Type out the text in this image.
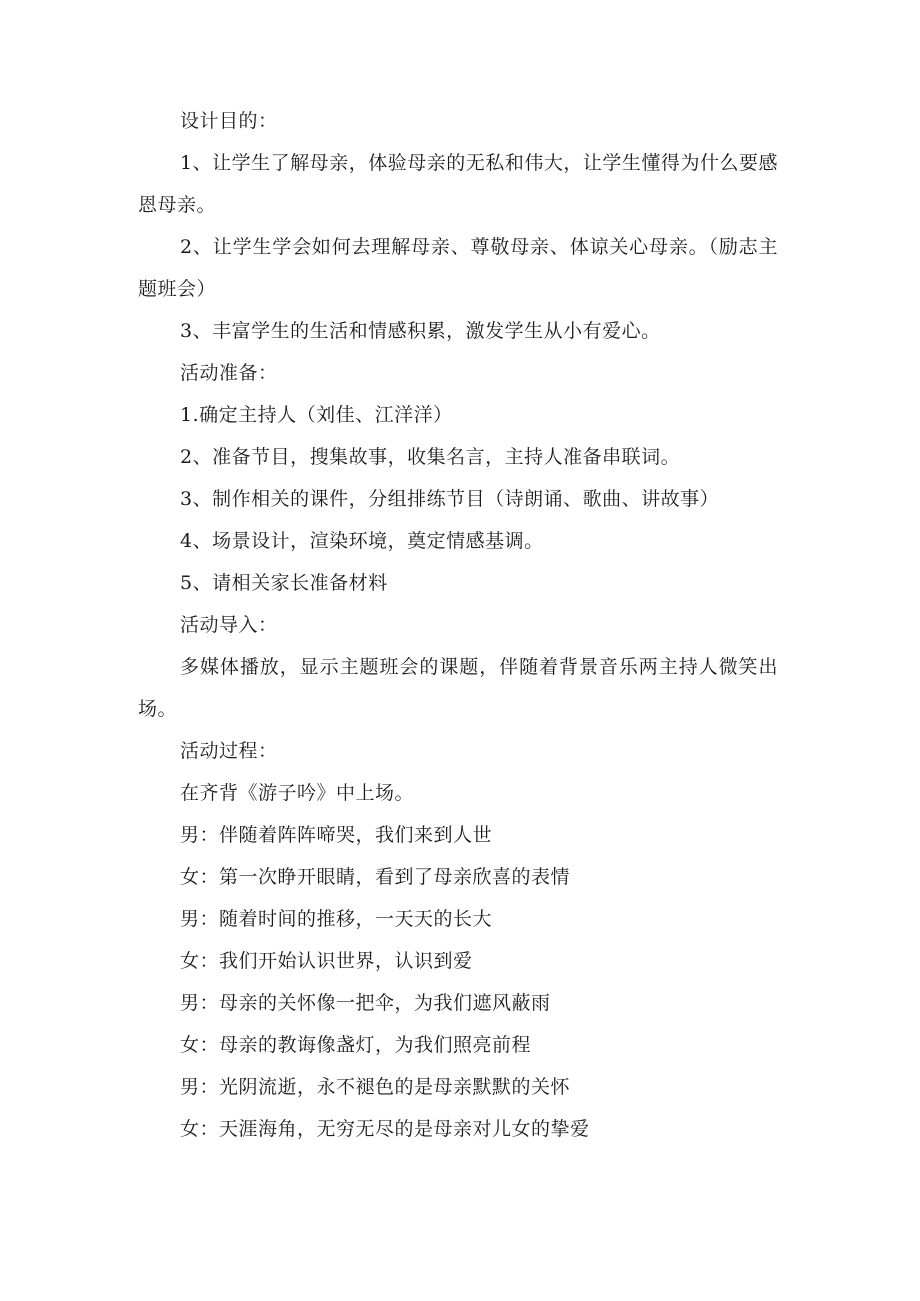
设计目的：

1、让学生了解母亲，体验母亲的无私和伟大，让学生懂得为什么要感恩母亲。

2、让学生学会如何去理解母亲、尊敬母亲、体谅关心母亲。（励志主题班会）

3、丰富学生的生活和情感积累，激发学生从小有爱心。

活动准备：

1.确定主持人（刘佳、江洋洋）

2、准备节目，搜集故事，收集名言，主持人准备串联词。

3、制作相关的课件，分组排练节目（诗朗诵、歌曲、讲故事）

4、场景设计，渲染环境，奠定情感基调。

5、请相关家长准备材料

活动导入：

多媒体播放，显示主题班会的课题，伴随着背景音乐两主持人微笑出场。

活动过程：

在齐背《游子吟》中上场。

男：伴随着阵阵啼哭，我们来到人世

女：第一次睁开眼睛，看到了母亲欣喜的表情

男：随着时间的推移，一天天的长大

女：我们开始认识世界，认识到爱

男：母亲的关怀像一把伞，为我们遮风蔽雨

女：母亲的教诲像盏灯，为我们照亮前程

男：光阴流逝，永不褪色的是母亲默默的关怀

女：天涯海角，无穷无尽的是母亲对儿女的挚爱
